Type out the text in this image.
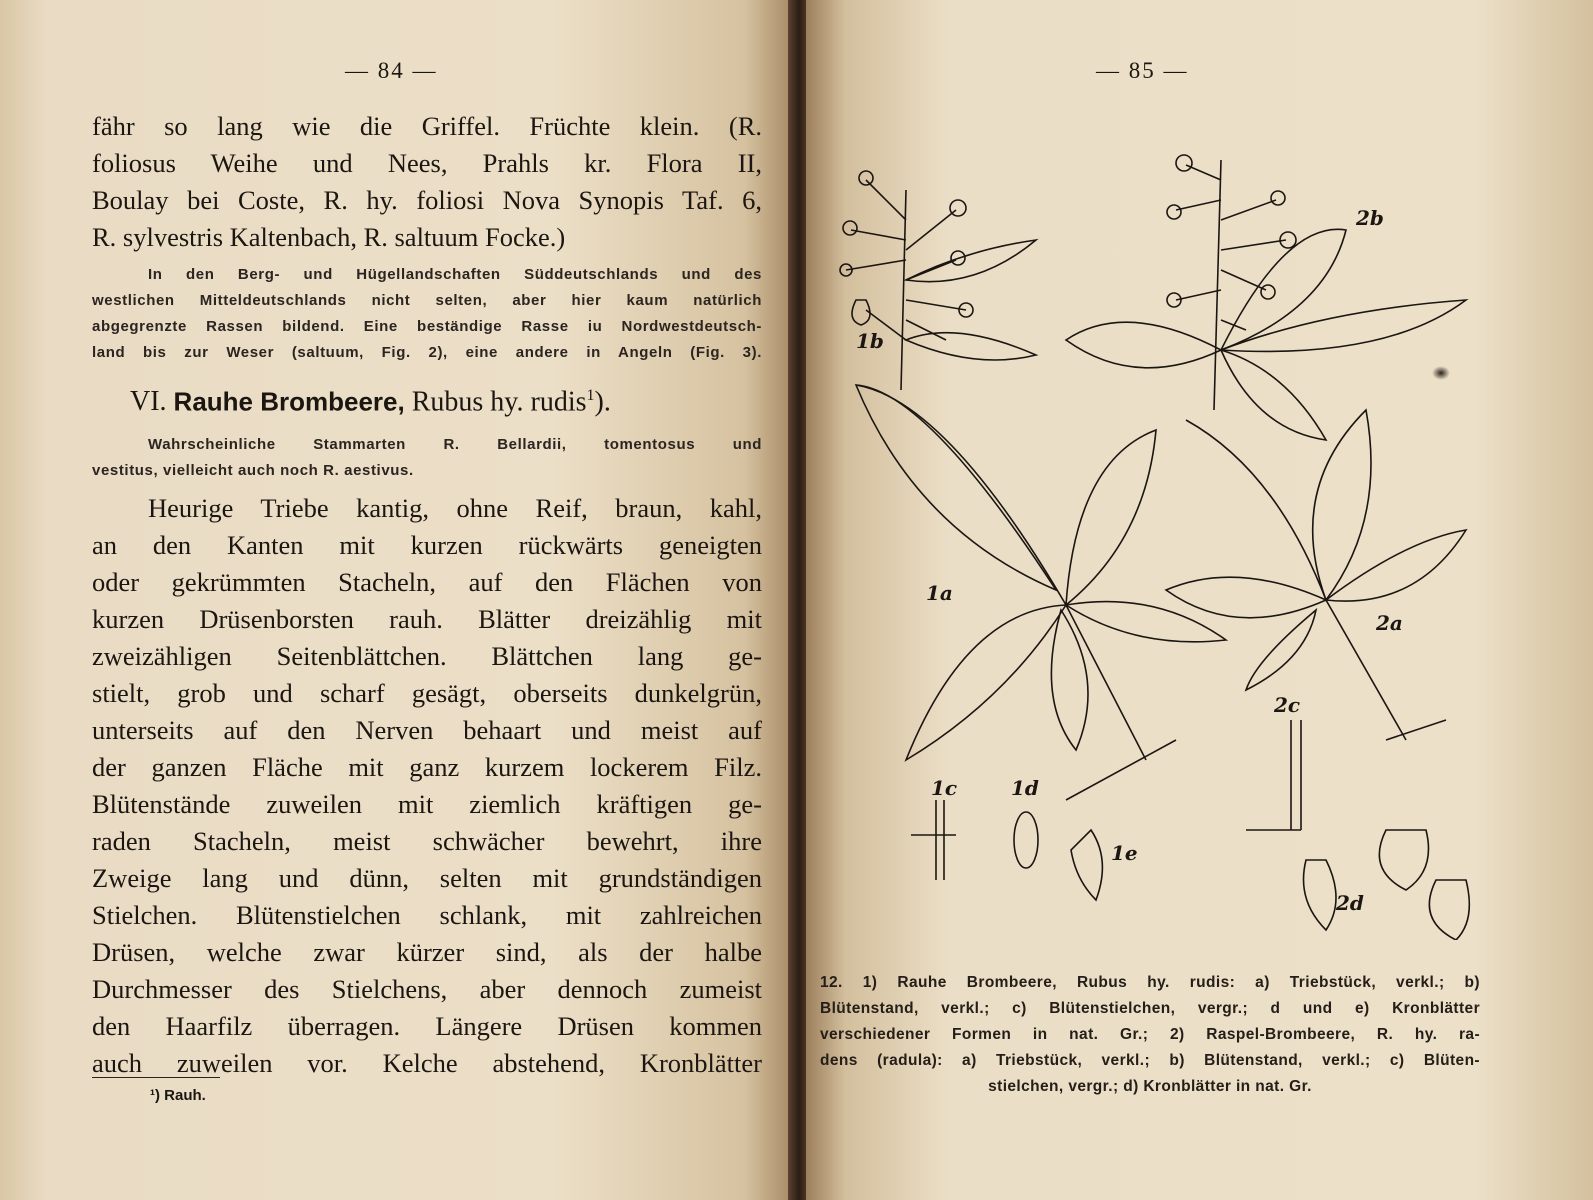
— 84 —

fähr so lang wie die Griffel. Früchte klein. (R.
foliosus Weihe und Nees, Prahls kr. Flora II,
Boulay bei Coste, R. hy. foliosi Nova Synopis Taf. 6,
R. sylvestris Kaltenbach, R. saltuum Focke.)

In den Berg- und Hügellandschaften Süddeutschlands und des
westlichen Mitteldeutschlands nicht selten, aber hier kaum natürlich
abgegrenzte Rassen bildend. Eine beständige Rasse iu Nordwestdeutsch-
land bis zur Weser (saltuum, Fig. 2), eine andere in Angeln (Fig. 3).

VI. Rauhe Brombeere, Rubus hy. rudis$^1$).

Wahrscheinliche Stammarten R. Bellardii, tomentosus und
vestitus, vielleicht auch noch R. aestivus.

Heurige Triebe kantig, ohne Reif, braun, kahl,
an den Kanten mit kurzen rückwärts geneigten
oder gekrümmten Stacheln, auf den Flächen von
kurzen Drüsenborsten rauh. Blätter dreizählig mit
zweizähligen Seitenblättchen. Blättchen lang ge-
stielt, grob und scharf gesägt, oberseits dunkelgrün,
unterseits auf den Nerven behaart und meist auf
der ganzen Fläche mit ganz kurzem lockerem Filz.
Blütenstände zuweilen mit ziemlich kräftigen ge-
raden Stacheln, meist schwächer bewehrt, ihre
Zweige lang und dünn, selten mit grundständigen
Stielchen. Blütenstielchen schlank, mit zahlreichen
Drüsen, welche zwar kürzer sind, als der halbe
Durchmesser des Stielchens, aber dennoch zumeist
den Haarfilz überragen. Längere Drüsen kommen
auch zuweilen vor. Kelche abstehend, Kronblätter

¹) Rauh.
— 85 —
1b
2b
1a
2a
2c
1c	1d
1e
2d
12. 1) Rauhe Brombeere, Rubus hy. rudis: a) Triebstück, verkl.; b)
Blütenstand, verkl.; c) Blütenstielchen, vergr.; d und e) Kronblätter
verschiedener Formen in nat. Gr.; 2) Raspel-Brombeere, R. hy. ra-
dens (radula): a) Triebstück, verkl.; b) Blütenstand, verkl.; c) Blüten-
stielchen, vergr.; d) Kronblätter in nat. Gr.
